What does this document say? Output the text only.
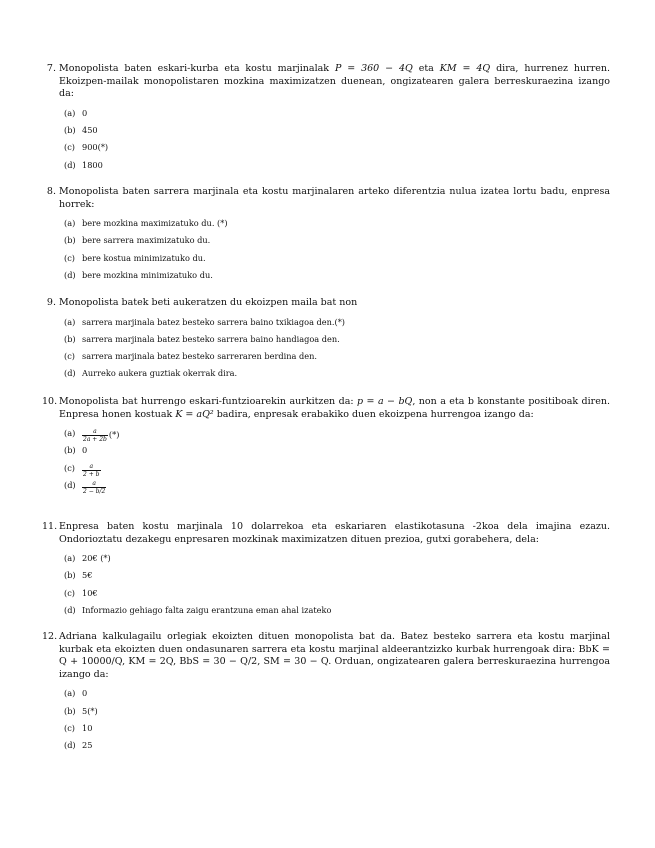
7. Monopolista baten eskari-kurba eta kostu marjinalak P = 360 − 4Q eta KM = 4Q dira, hurrenez hurren. Ekoizpen-mailak monopolistaren mozkina maximizatzen duenean, ongizatearen galera berreskuraezina izango da:
(a) 0
(b) 450
(c) 900(*)
(d) 1800
8. Monopolista baten sarrera marjinala eta kostu marjinalaren arteko diferentzia nulua izatea lortu badu, enpresa horrek:
(a) bere mozkina maximizatuko du. (*)
(b) bere sarrera maximizatuko du.
(c) bere kostua minimizatuko du.
(d) bere mozkina minimizatuko du.
9. Monopolista batek beti aukeratzen du ekoizpen maila bat non
(a) sarrera marjinala batez besteko sarrera baino txikiagoa den.(*)
(b) sarrera marjinala batez besteko sarrera baino handiagoa den.
(c) sarrera marjinala batez besteko sarreraren berdina den.
(d) Aurreko aukera guztiak okerrak dira.
10. Monopolista bat hurrengo eskari-funtzioarekin aurkitzen da: p = a − bQ, non a eta b konstante positiboak diren. Enpresa honen kostuak K = aQ² badira, enpresak erabakiko duen ekoizpena hurrengoa izango da:
(a)	$\frac{a}{2a + 2b}$ (*)
(b) 0
(c)	$\frac{a}{2 + b}$
(d)	$\frac{a}{2 - b/2}$
11. Enpresa baten kostu marjinala 10 dolarrekoa eta eskariaren elastikotasuna -2koa dela imajina ezazu. Ondorioztatu dezakegu enpresaren mozkinak maximizatzen dituen prezioa, gutxi gorabehera, dela:
(a) 20€ (*)
(b) 5€
(c) 10€
(d) Informazio gehiago falta zaigu erantzuna eman ahal izateko
12. Adriana kalkulagailu orlegiak ekoizten dituen monopolista bat da. Batez besteko sarrera eta kostu marjinal kurbak eta ekoizten duen ondasunaren sarrera eta kostu marjinal aldeerantzizko kurbak hurrengoak dira: BbK = Q + 10000/Q, KM = 2Q, BbS = 30 − Q/2, SM = 30 − Q. Orduan, ongizatearen galera berreskuraezina hurrengoa izango da:
(a) 0
(b) 5(*)
(c) 10
(d) 25
